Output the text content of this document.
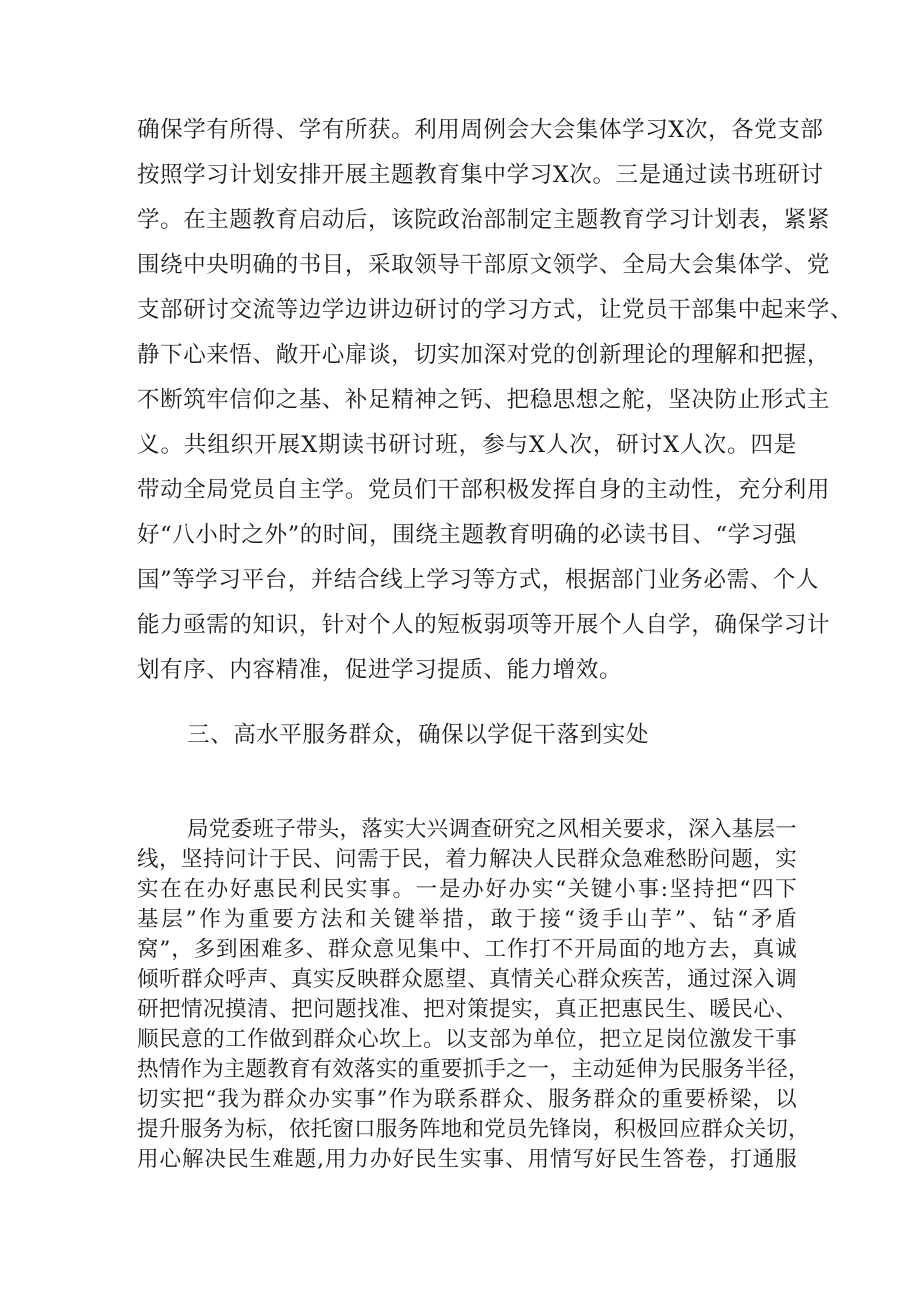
确保学有所得、学有所获。利用周例会大会集体学习X次，各党支部
按照学习计划安排开展主题教育集中学习X次。三是通过读书班研讨
学。在主题教育启动后，该院政治部制定主题教育学习计划表，紧紧
围绕中央明确的书目，采取领导干部原文领学、全局大会集体学、党
支部研讨交流等边学边讲边研讨的学习方式，让党员干部集中起来学、
静下心来悟、敞开心扉谈，切实加深对党的创新理论的理解和把握，
不断筑牢信仰之基、补足精神之钙、把稳思想之舵，坚决防止形式主
义。共组织开展X期读书研讨班，参与X人次，研讨X人次。四是
带动全局党员自主学。党员们干部积极发挥自身的主动性，充分利用
好“八小时之外”的时间，围绕主题教育明确的必读书目、“学习强
国”等学习平台，并结合线上学习等方式，根据部门业务必需、个人
能力亟需的知识，针对个人的短板弱项等开展个人自学，确保学习计
划有序、内容精准，促进学习提质、能力增效。
三、高水平服务群众，确保以学促干落到实处
局党委班子带头，落实大兴调查研究之风相关要求，深入基层一
线，坚持问计于民、问需于民，着力解决人民群众急难愁盼问题，实
实在在办好惠民利民实事。一是办好办实“关键小事:坚持把“四下
基层”作为重要方法和关键举措，敢于接“烫手山芋”、钻“矛盾
窝”，多到困难多、群众意见集中、工作打不开局面的地方去，真诚
倾听群众呼声、真实反映群众愿望、真情关心群众疾苦，通过深入调
研把情况摸清、把问题找准、把对策提实，真正把惠民生、暖民心、
顺民意的工作做到群众心坎上。以支部为单位，把立足岗位激发干事
热情作为主题教育有效落实的重要抓手之一，主动延伸为民服务半径，
切实把“我为群众办实事”作为联系群众、服务群众的重要桥梁，以
提升服务为标，依托窗口服务阵地和党员先锋岗，积极回应群众关切，
用心解决民生难题,用力办好民生实事、用情写好民生答卷，打通服
